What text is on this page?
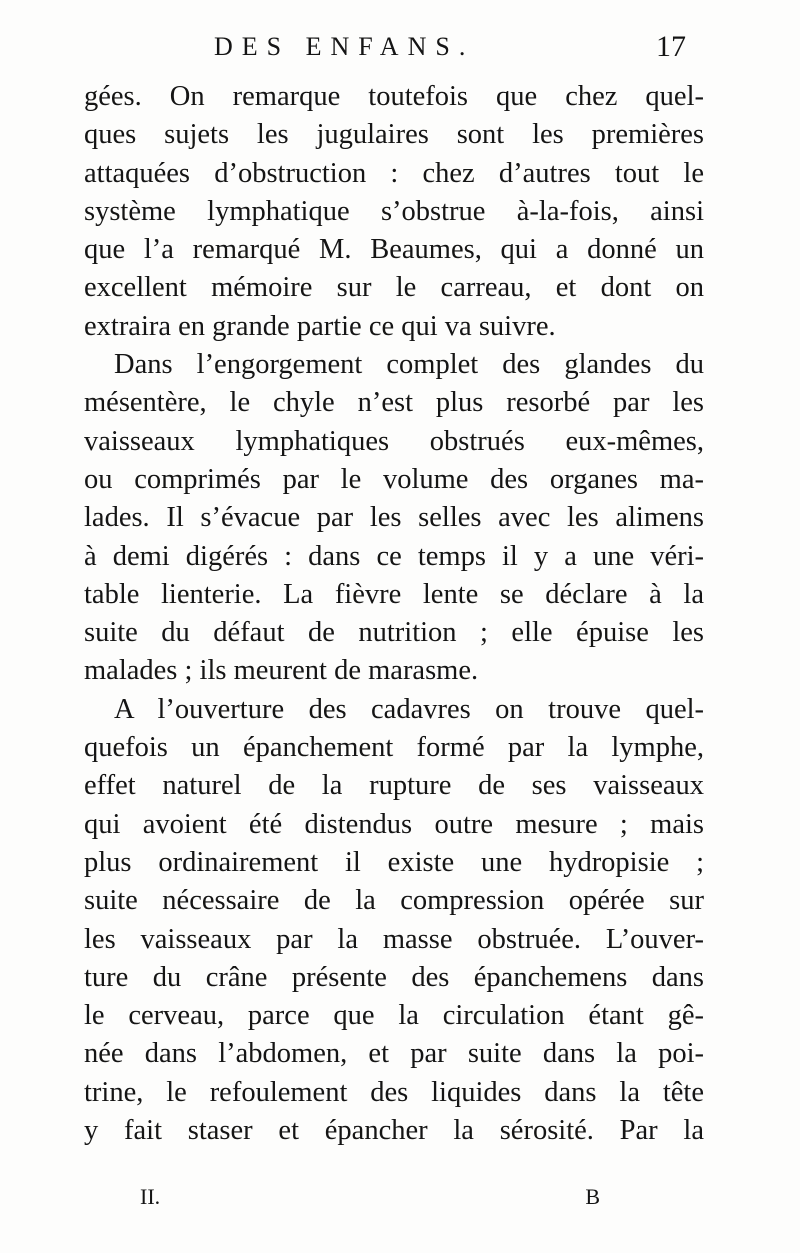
DES ENFANS.	17
gées. On remarque toutefois que chez quel-
ques sujets les jugulaires sont les premières
attaquées d’obstruction : chez d’autres tout le
système lymphatique s’obstrue à-la-fois, ainsi
que l’a remarqué M. Beaumes, qui a donné un
excellent mémoire sur le carreau, et dont on
extraira en grande partie ce qui va suivre.
Dans l’engorgement complet des glandes du
mésentère, le chyle n’est plus resorbé par les
vaisseaux lymphatiques obstrués eux-mêmes,
ou comprimés par le volume des organes ma-
lades. Il s’évacue par les selles avec les alimens
à demi digérés : dans ce temps il y a une véri-
table lienterie. La fièvre lente se déclare à la
suite du défaut de nutrition ; elle épuise les
malades ; ils meurent de marasme.
A l’ouverture des cadavres on trouve quel-
quefois un épanchement formé par la lymphe,
effet naturel de la rupture de ses vaisseaux
qui avoient été distendus outre mesure ; mais
plus ordinairement il existe une hydropisie ;
suite nécessaire de la compression opérée sur
les vaisseaux par la masse obstruée. L’ouver-
ture du crâne présente des épanchemens dans
le cerveau, parce que la circulation étant gê-
née dans l’abdomen, et par suite dans la poi-
trine, le refoulement des liquides dans la tête
y fait staser et épancher la sérosité. Par la
II.	B
